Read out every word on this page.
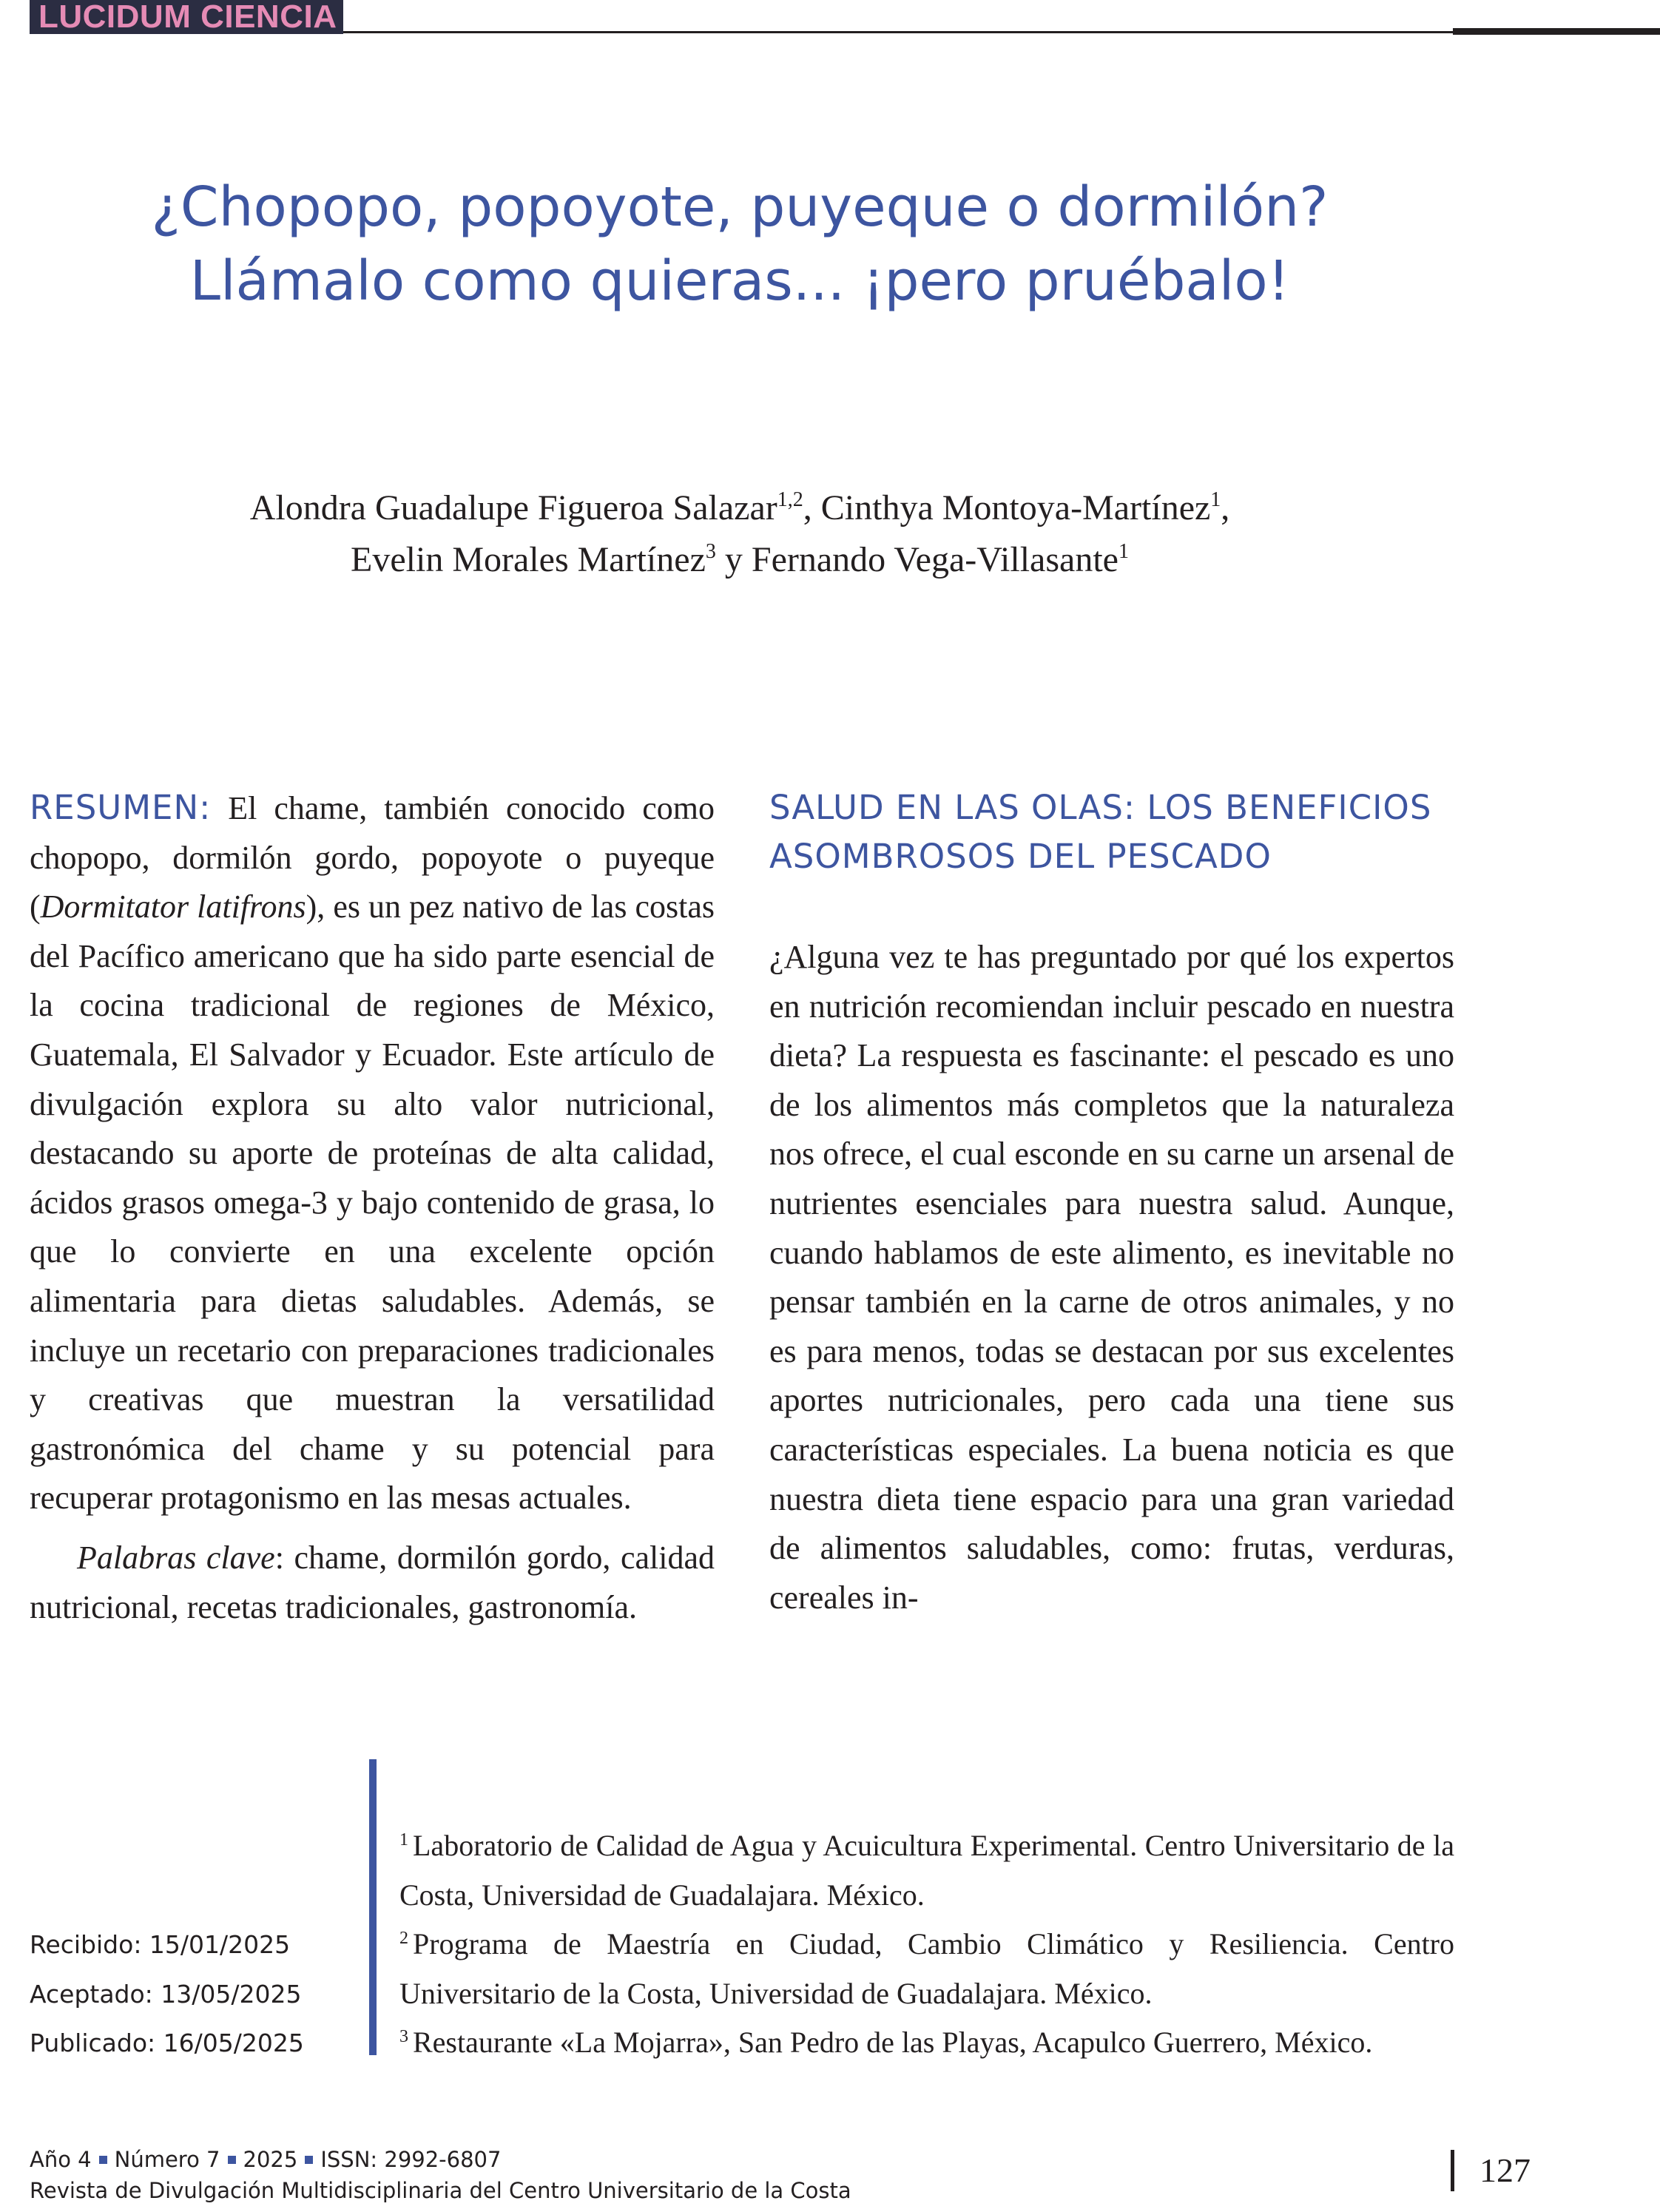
LUCIDUM CIENCIA
¿Chopopo, popoyote, puyeque o dormilón?
Llámalo como quieras... ¡pero pruébalo!
Alondra Guadalupe Figueroa Salazar$^{1,2}$, Cinthya Montoya-Martínez$^1$,
Evelin Morales Martínez$^3$ y Fernando Vega-Villasante$^1$

RESUMEN: El chame, también conocido como chopopo, dormilón gordo, popoyote o puyeque (Dormitator latifrons), es un pez nativo de las costas del Pacífico americano que ha sido parte esencial de la cocina tradicional de regiones de México, Guatemala, El Salvador y Ecuador. Este artículo de divulgación explora su alto valor nutricional, destacando su aporte de proteínas de alta calidad, ácidos grasos omega-3 y bajo contenido de grasa, lo que lo convierte en una excelente opción alimentaria para dietas saludables. Además, se incluye un recetario con preparaciones tradicionales y creativas que muestran la versatilidad gastronómica del chame y su potencial para recuperar protagonismo en las mesas actuales.

Palabras clave: chame, dormilón gordo, calidad nutricional, recetas tradicionales, gastronomía.

SALUD EN LAS OLAS: LOS BENEFICIOS ASOMBROSOS DEL PESCADO

¿Alguna vez te has preguntado por qué los expertos en nutrición recomiendan incluir pescado en nuestra dieta? La respuesta es fascinante: el pescado es uno de los alimentos más completos que la naturaleza nos ofrece, el cual esconde en su carne un arsenal de nutrientes esenciales para nuestra salud. Aunque, cuando hablamos de este alimento, es inevitable no pensar también en la carne de otros animales, y no es para menos, todas se destacan por sus excelentes aportes nutricionales, pero cada una tiene sus características especiales. La buena noticia es que nuestra dieta tiene espacio para una gran variedad de alimentos saludables, como: frutas, verduras, cereales in-

Recibido: 15/01/2025
Aceptado: 13/05/2025
Publicado: 16/05/2025
$^1$ Laboratorio de Calidad de Agua y Acuicultura Experimental. Centro Universitario de la Costa, Universidad de Guadalajara. México.
$^2$ Programa de Maestría en Ciudad, Cambio Climático y Resiliencia. Centro Universitario de la Costa, Universidad de Guadalajara. México.
$^3$ Restaurante «La Mojarra», San Pedro de las Playas, Acapulco Guerrero, México.
Año 4 Número 7 2025 ISSN: 2992-6807
Revista de Divulgación Multidisciplinaria del Centro Universitario de la Costa
127
